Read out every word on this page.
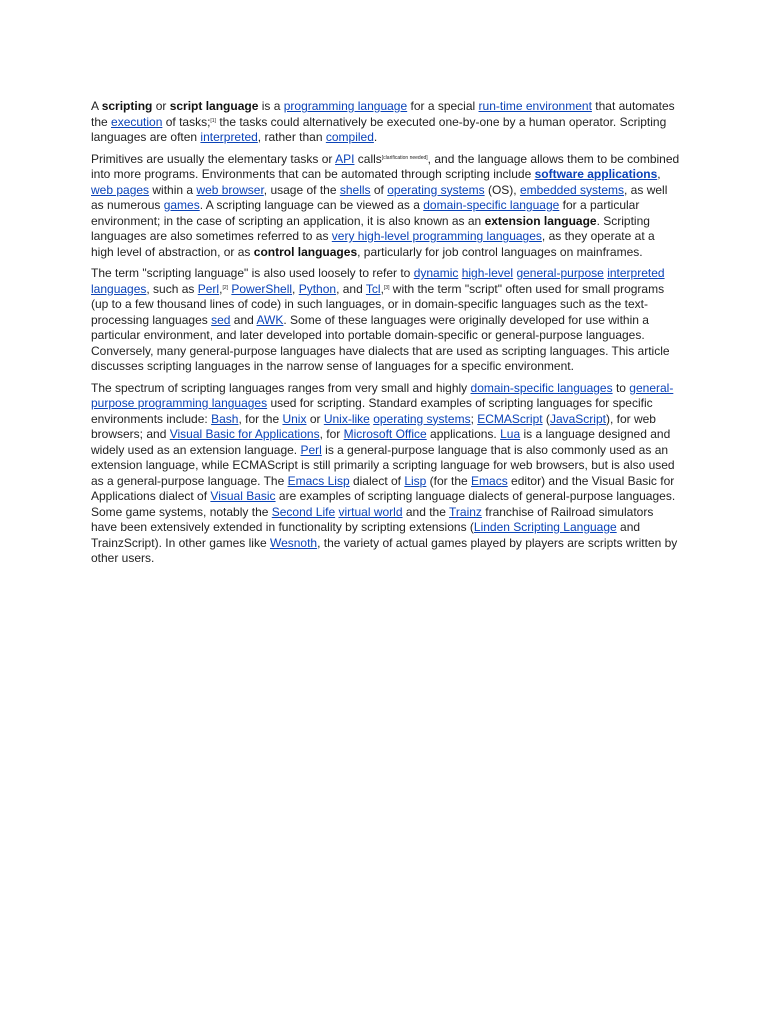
A scripting or script language is a programming language for a special run-time environment that automates the execution of tasks;[1] the tasks could alternatively be executed one-by-one by a human operator. Scripting languages are often interpreted, rather than compiled.

Primitives are usually the elementary tasks or API calls[clarification needed], and the language allows them to be combined into more programs. Environments that can be automated through scripting include software applications, web pages within a web browser, usage of the shells of operating systems (OS), embedded systems, as well as numerous games. A scripting language can be viewed as a domain-specific language for a particular environment; in the case of scripting an application, it is also known as an extension language. Scripting languages are also sometimes referred to as very high-level programming languages, as they operate at a high level of abstraction, or as control languages, particularly for job control languages on mainframes.

The term "scripting language" is also used loosely to refer to dynamic high-level general-purpose interpreted languages, such as Perl,[2] PowerShell, Python, and Tcl,[3] with the term "script" often used for small programs (up to a few thousand lines of code) in such languages, or in domain-specific languages such as the text-processing languages sed and AWK. Some of these languages were originally developed for use within a particular environment, and later developed into portable domain-specific or general-purpose languages. Conversely, many general-purpose languages have dialects that are used as scripting languages. This article discusses scripting languages in the narrow sense of languages for a specific environment.

The spectrum of scripting languages ranges from very small and highly domain-specific languages to general-purpose programming languages used for scripting. Standard examples of scripting languages for specific environments include: Bash, for the Unix or Unix-like operating systems; ECMAScript (JavaScript), for web browsers; and Visual Basic for Applications, for Microsoft Office applications. Lua is a language designed and widely used as an extension language. Perl is a general-purpose language that is also commonly used as an extension language, while ECMAScript is still primarily a scripting language for web browsers, but is also used as a general-purpose language. The Emacs Lisp dialect of Lisp (for the Emacs editor) and the Visual Basic for Applications dialect of Visual Basic are examples of scripting language dialects of general-purpose languages. Some game systems, notably the Second Life virtual world and the Trainz franchise of Railroad simulators have been extensively extended in functionality by scripting extensions (Linden Scripting Language and TrainzScript). In other games like Wesnoth, the variety of actual games played by players are scripts written by other users.
